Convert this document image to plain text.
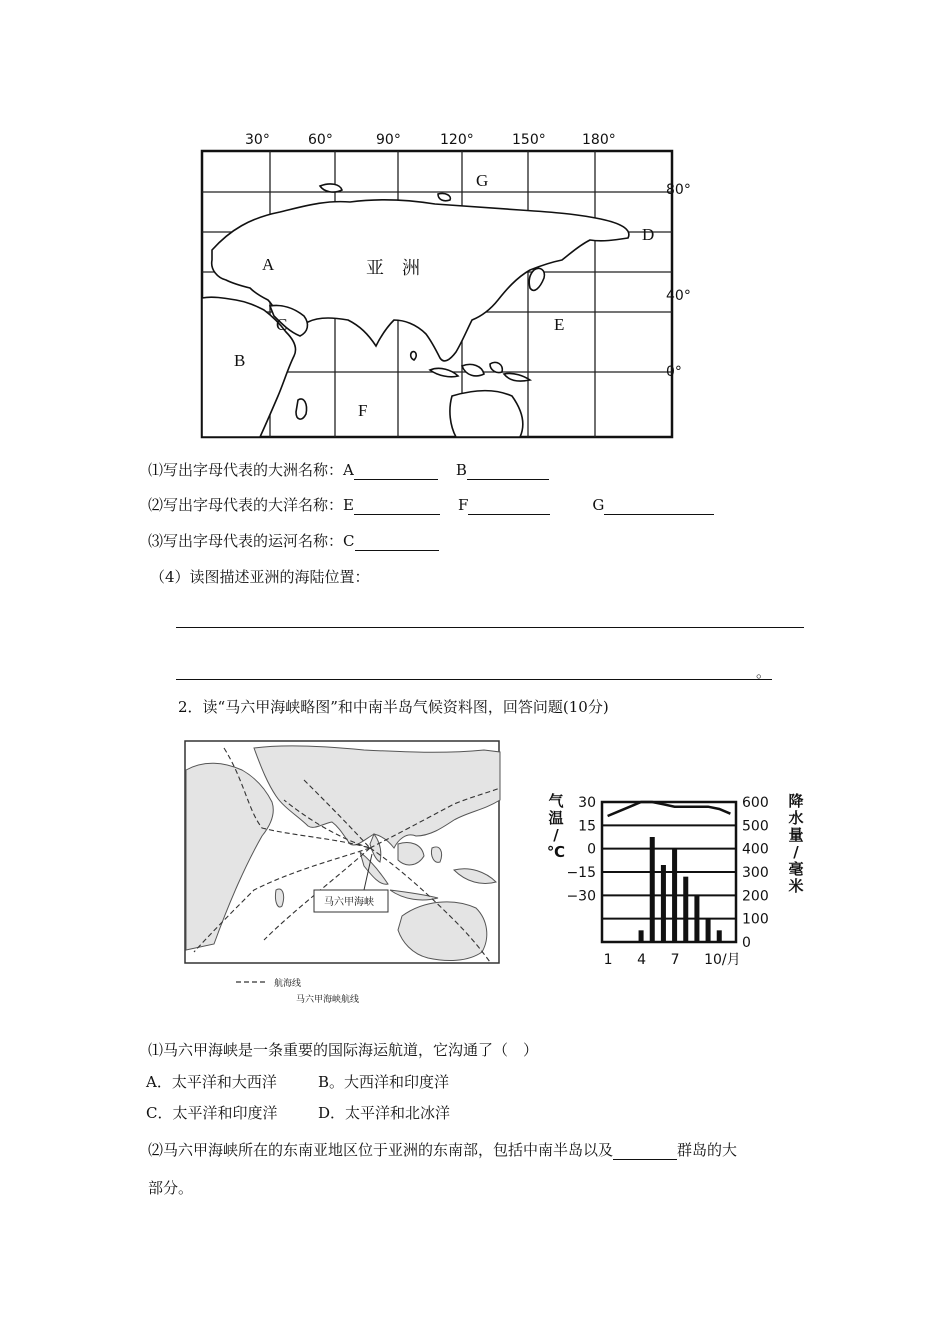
30°	60°	90°	120°	150°	180°
80°
40°
0°
A
B
C
D
E
F
G
亚　洲
⑴写出字母代表的大洲名称：A	B
⑵写出字母代表的大洋名称：E	F	G
⑶写出字母代表的运河名称：C
（4）读图描述亚洲的海陆位置：
。
2．读“马六甲海峡略图”和中南半岛气候资料图，回答问题(10分)
马六甲海峡
航海线
马六甲海峡航线
30
15
0
−15
−30
600
500
400
300
200
100
0
1 4 7 10/月
气
温
/
℃
降
水
量
/
毫
米
⑴马六甲海峡是一条重要的国际海运航道，它沟通了（　）
A．太平洋和大西洋	B。大西洋和印度洋
C．太平洋和印度洋	D．太平洋和北冰洋
⑵马六甲海峡所在的东南亚地区位于亚洲的东南部，包括中南半岛以及	群岛的大
部分。
